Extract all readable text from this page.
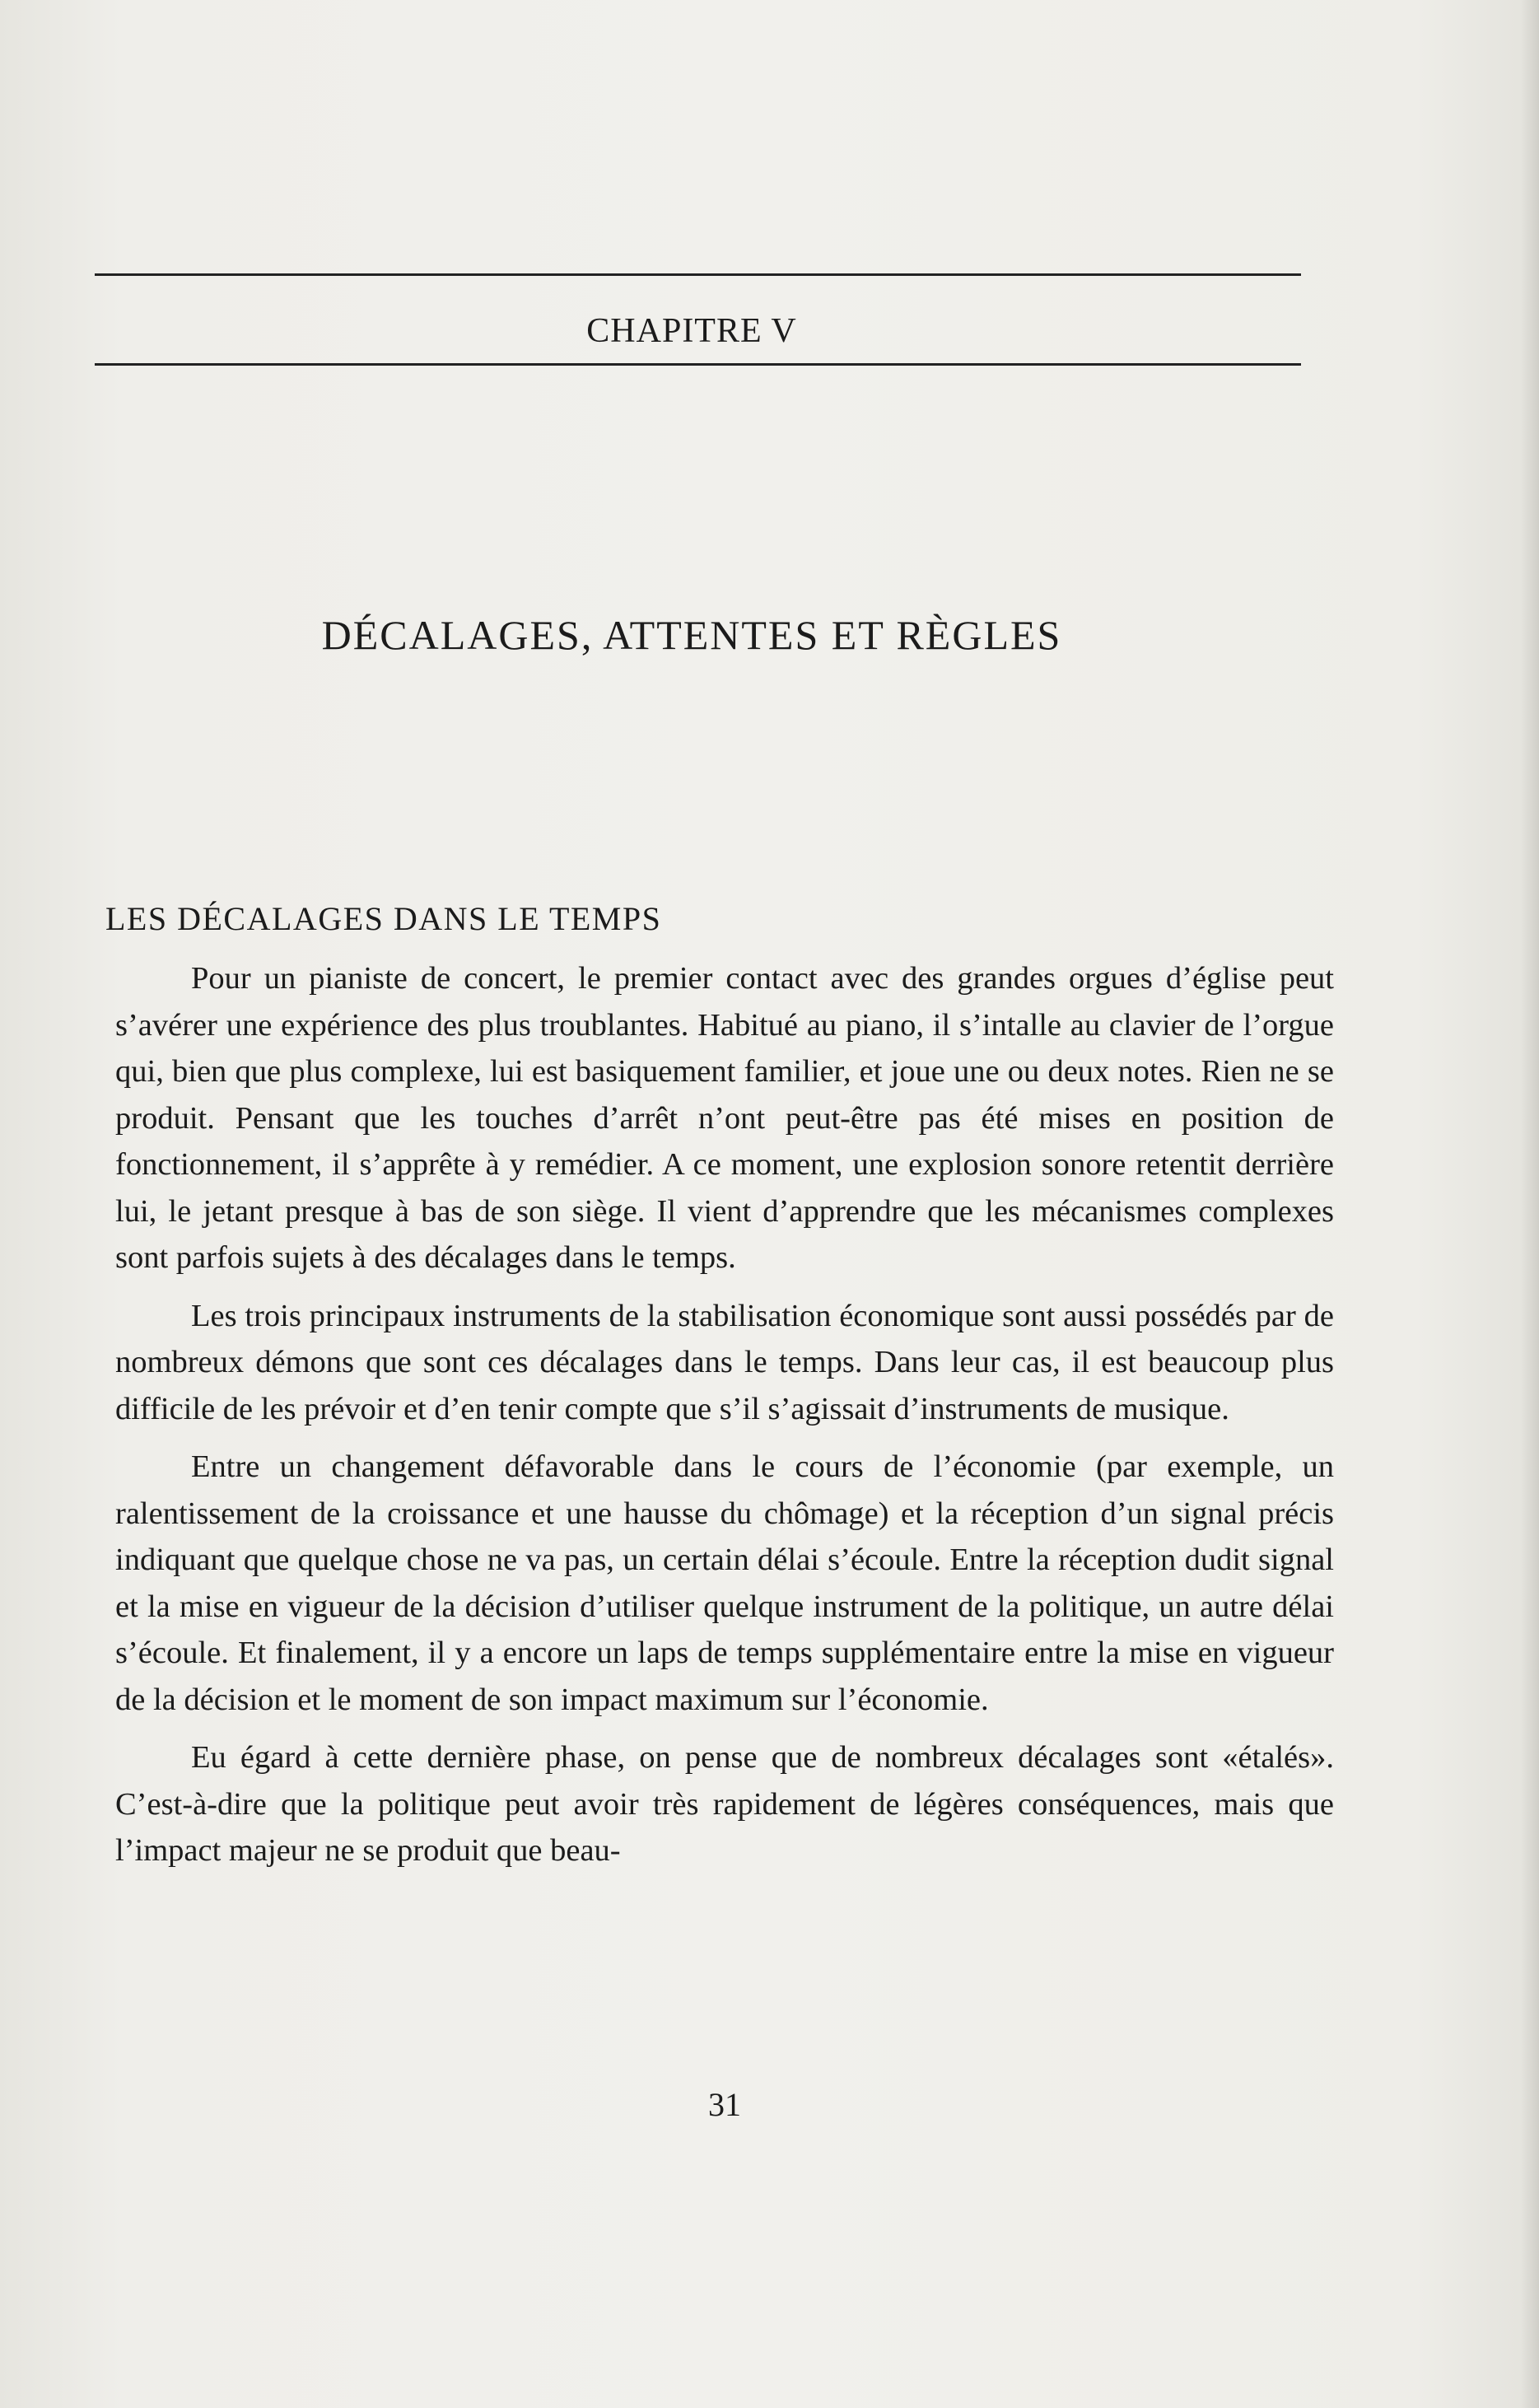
CHAPITRE V
DÉCALAGES, ATTENTES ET RÈGLES
LES DÉCALAGES DANS LE TEMPS

Pour un pianiste de concert, le premier contact avec des grandes orgues d’église peut s’avérer une expérience des plus troublantes. Habitué au piano, il s’intalle au clavier de l’orgue qui, bien que plus complexe, lui est basiquement familier, et joue une ou deux notes. Rien ne se produit. Pensant que les touches d’arrêt n’ont peut-être pas été mises en position de fonctionnement, il s’apprête à y remédier. A ce moment, une explosion sonore retentit derrière lui, le jetant presque à bas de son siège. Il vient d’apprendre que les mécanismes complexes sont parfois sujets à des décalages dans le temps.

Les trois principaux instruments de la stabilisation économique sont aussi possédés par de nombreux démons que sont ces décalages dans le temps. Dans leur cas, il est beaucoup plus difficile de les prévoir et d’en tenir compte que s’il s’agissait d’instruments de musique.

Entre un changement défavorable dans le cours de l’économie (par exemple, un ralentissement de la croissance et une hausse du chômage) et la réception d’un signal précis indiquant que quelque chose ne va pas, un certain délai s’écoule. Entre la réception dudit signal et la mise en vigueur de la décision d’utiliser quelque instrument de la politique, un autre délai s’écoule. Et finalement, il y a encore un laps de temps supplémentaire entre la mise en vigueur de la décision et le moment de son impact maximum sur l’économie.

Eu égard à cette dernière phase, on pense que de nombreux décalages sont «étalés». C’est-à-dire que la politique peut avoir très rapidement de légères conséquences, mais que l’impact majeur ne se produit que beau-

31
